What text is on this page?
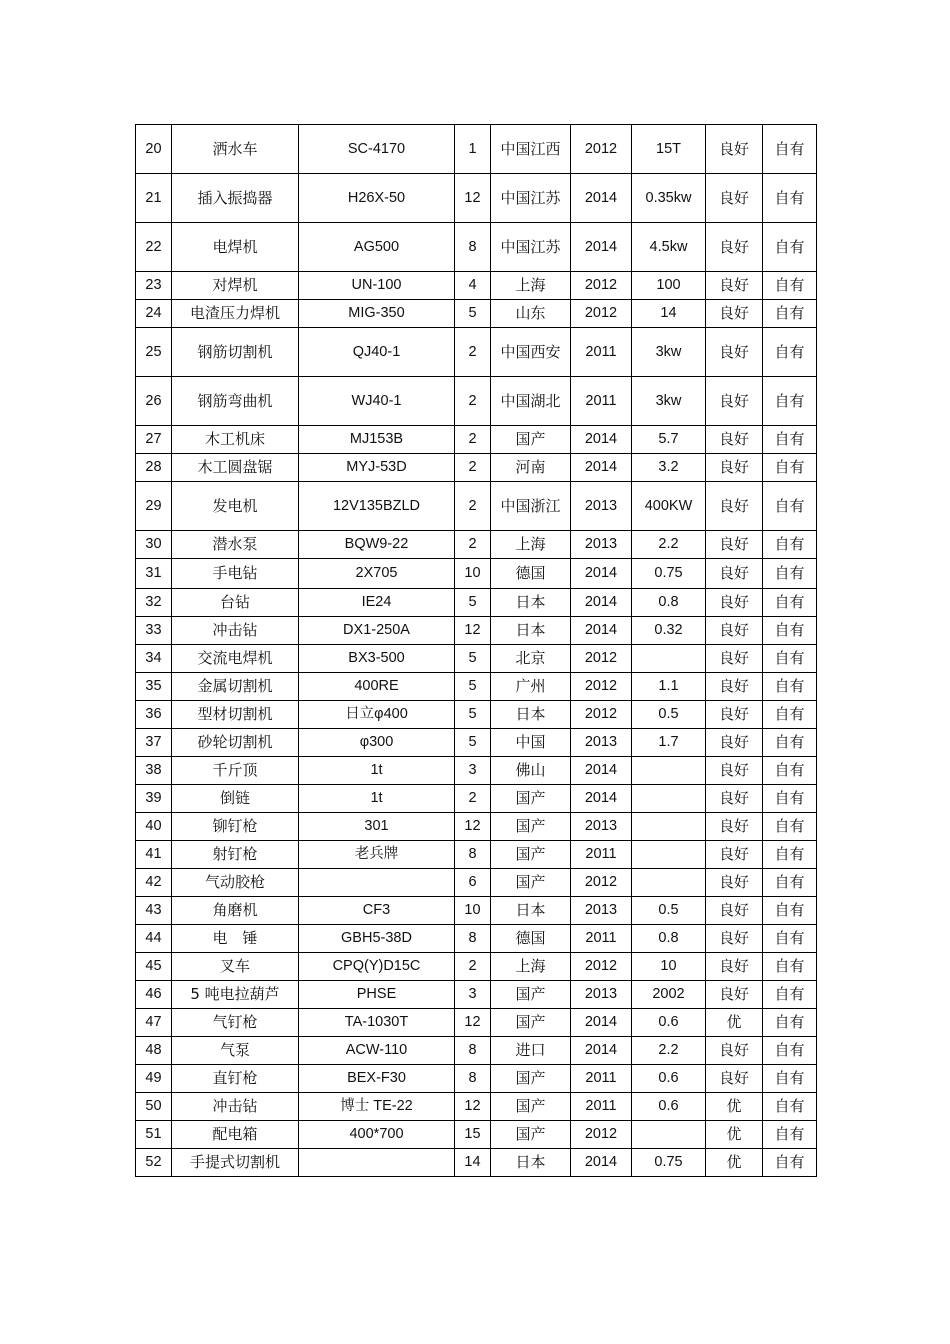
20	洒水车	SC-4170	1	中国江西	2012	15T	良好	自有
21	插入振捣器	H26X-50	12	中国江苏	2014	0.35kw	良好	自有
22	电焊机	AG500	8	中国江苏	2014	4.5kw	良好	自有
23	对焊机	UN-100	4	上海	2012	100	良好	自有
24	电渣压力焊机	MIG-350	5	山东	2012	14	良好	自有
25	钢筋切割机	QJ40-1	2	中国西安	2011	3kw	良好	自有
26	钢筋弯曲机	WJ40-1	2	中国湖北	2011	3kw	良好	自有
27	木工机床	MJ153B	2	国产	2014	5.7	良好	自有
28	木工圆盘锯	MYJ-53D	2	河南	2014	3.2	良好	自有
29	发电机	12V135BZLD	2	中国浙江	2013	400KW	良好	自有
30	潜水泵	BQW9-22	2	上海	2013	2.2	良好	自有
31	手电钻	2X705	10	德国	2014	0.75	良好	自有
32	台钻	IE24	5	日本	2014	0.8	良好	自有
33	冲击钻	DX1-250A	12	日本	2014	0.32	良好	自有
34	交流电焊机	BX3-500	5	北京	2012		良好	自有
35	金属切割机	400RE	5	广州	2012	1.1	良好	自有
36	型材切割机	日立φ400	5	日本	2012	0.5	良好	自有
37	砂轮切割机	φ300	5	中国	2013	1.7	良好	自有
38	千斤顶	1t	3	佛山	2014		良好	自有
39	倒链	1t	2	国产	2014		良好	自有
40	铆钉枪	301	12	国产	2013		良好	自有
41	射钉枪	老兵牌	8	国产	2011		良好	自有
42	气动胶枪		6	国产	2012		良好	自有
43	角磨机	CF3	10	日本	2013	0.5	良好	自有
44	电　锤	GBH5-38D	8	德国	2011	0.8	良好	自有
45	叉车	CPQ(Y)D15C	2	上海	2012	10	良好	自有
46	5 吨电拉葫芦	PHSE	3	国产	2013	2002	良好	自有
47	气钉枪	TA-1030T	12	国产	2014	0.6	优	自有
48	气泵	ACW-110	8	进口	2014	2.2	良好	自有
49	直钉枪	BEX-F30	8	国产	2011	0.6	良好	自有
50	冲击钻	博士 TE-22	12	国产	2011	0.6	优	自有
51	配电箱	400*700	15	国产	2012		优	自有
52	手提式切割机		14	日本	2014	0.75	优	自有
